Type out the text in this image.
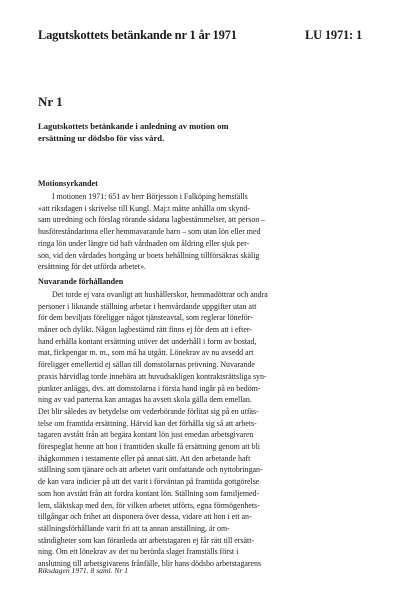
Lagutskottets betänkande nr 1 år 1971	LU 1971: 1
Nr 1
Lagutskottets betänkande i anledning av motion om
ersättning ur dödsbo för viss vård.
Motionsyrkandet
I motionen 1971: 651 av herr Börjesson i Falköping hemställs
»att riksdagen i skrivelse till Kungl. Maj:t måtte anhålla om skynd-
sam utredning och förslag rörande sådana lagbestämmelser, att person –
husföreståndarinna eller hemmavarande barn – som utan lön eller med
ringa lön under längre tid haft vårdnaden om åldring eller sjuk per-
son, vid den vårdades bortgång ur boets behållning tillförsäkras skälig
ersättning för det utförda arbetet».
Nuvarande förhållanden
Det torde ej vara ovanligt att hushållerskor, hemmadöttrar och andra
personer i liknande ställning arbetar i hemvårdande uppgifter utan att
för dem beviljats föreligger något tjänsteavtal, som reglerar löneför-
måner och dylikt. Någon lagbestämd rätt finns ej för dem att i efter-
hand erhålla kontant ersättning utöver det underhåll i form av bostad,
mat, fickpengar m. m., som må ha utgått. Lönekrav av nu avsedd art
föreligger emellertid ej sällan till domstolarnas prövning. Nuvarande
praxis härvidlag torde innebära att huvudsakligen kontraktsrättsliga syn-
punkter anläggs, dvs. att domstolarna i första hand ingår på en bedöm-
ning av vad parterna kan antagas ha avsett skola gälla dem emellan.
Det blir således av betydelse om vederbörande förlitat sig på en utfäs-
telse om framtida ersättning. Härvid kan det förhålla sig så att arbets-
tagaren avstått från att begära kontant lön just emedan arbetsgivaren
förespeglat henne att hon i framtiden skulle få ersättning genom att bli
ihågkommen i testamente eller på annat sätt. Att den arbetande haft
ställning som tjänare och att arbetet varit omfattande och nyttobringan-
de kan vara indicier på att det varit i förväntan på framtida gottgörelse
som hon avstått från att fordra kontant lön. Ställning som familjemed-
lem, släktskap med den, för vilken arbetet utförts, egna förmögenhets-
tillgångar och frihet att disponera över dessa, vidare att hon i ett an-
ställningsförhållande varit fri att ta annan anställning, är om-
ständigheter som kan föranleda att arbetstagaren ej får rätt till ersätt-
ning. Om ett lönekrav av det nu berörda slaget framställs först i
anslutning till arbetsgivarens frånfälle, blir hans dödsbo arbetstagarens
Riksdagen 1971. 8 saml. Nr 1
